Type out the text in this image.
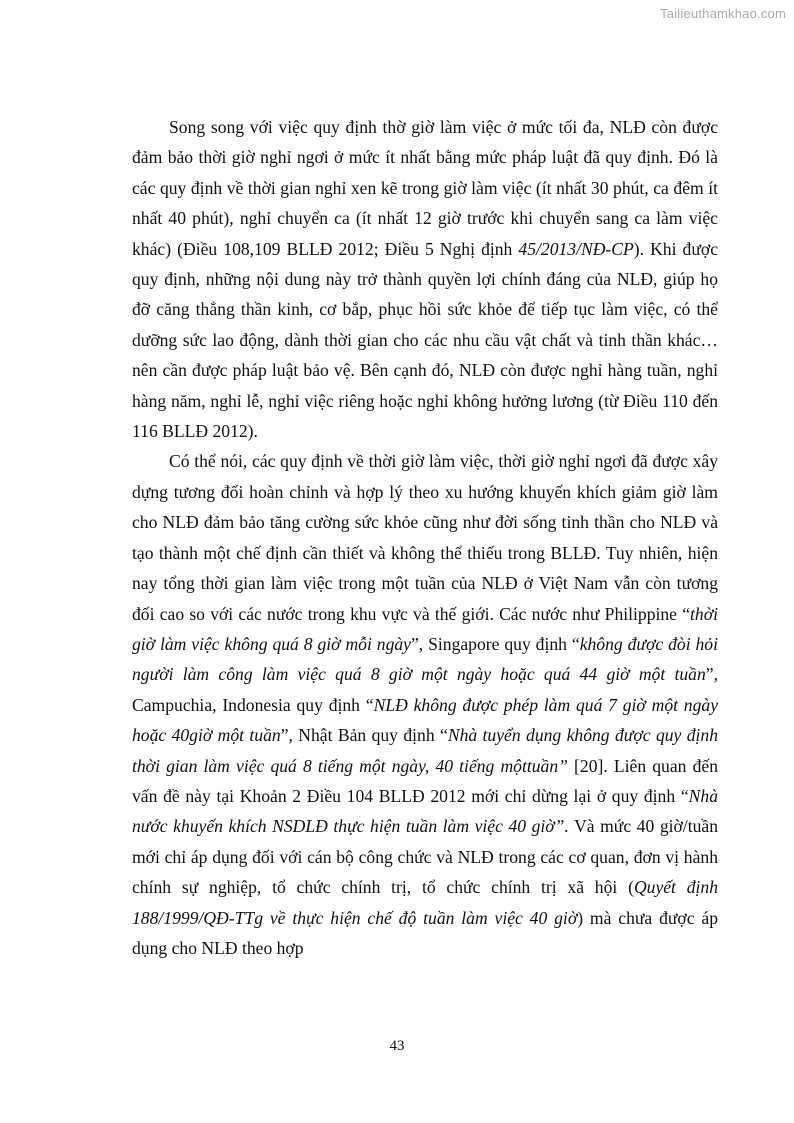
Tailieuthamkhao.com

Song song với việc quy định thờ giờ làm việc ở mức tối đa, NLĐ còn được đảm bảo thời giờ nghỉ ngơi ở mức ít nhất bằng mức pháp luật đã quy định. Đó là các quy định về thời gian nghỉ xen kẽ trong giờ làm việc (ít nhất 30 phút, ca đêm ít nhất 40 phút), nghỉ chuyển ca (ít nhất 12 giờ trước khi chuyển sang ca làm việc khác) (Điều 108,109 BLLĐ 2012; Điều 5 Nghị định 45/2013/NĐ-CP). Khi được quy định, những nội dung này trở thành quyền lợi chính đáng của NLĐ, giúp họ đỡ căng thẳng thần kinh, cơ bắp, phục hồi sức khỏe để tiếp tục làm việc, có thể dưỡng sức lao động, dành thời gian cho các nhu cầu vật chất và tinh thần khác…nên cần được pháp luật bảo vệ. Bên cạnh đó, NLĐ còn được nghỉ hàng tuần, nghỉ hàng năm, nghỉ lễ, nghỉ việc riêng hoặc nghỉ không hưởng lương (từ Điều 110 đến 116 BLLĐ 2012).

Có thể nói, các quy định về thời giờ làm việc, thời giờ nghỉ ngơi đã được xây dựng tương đối hoàn chỉnh và hợp lý theo xu hướng khuyến khích giảm giờ làm cho NLĐ đảm bảo tăng cường sức khỏe cũng như đời sống tinh thần cho NLĐ và tạo thành một chế định cần thiết và không thể thiếu trong BLLĐ. Tuy nhiên, hiện nay tổng thời gian làm việc trong một tuần của NLĐ ở Việt Nam vẫn còn tương đối cao so với các nước trong khu vực và thế giới. Các nước như Philippine “thời giờ làm việc không quá 8 giờ mỗi ngày”, Singapore quy định “không được đòi hỏi người làm công làm việc quá 8 giờ một ngày hoặc quá 44 giờ một tuần”, Campuchia, Indonesia quy định “NLĐ không được phép làm quá 7 giờ một ngày hoặc 40giờ một tuần”, Nhật Bản quy định “Nhà tuyển dụng không được quy định thời gian làm việc quá 8 tiếng một ngày, 40 tiếng mộttuần” [20]. Liên quan đến vấn đề này tại Khoản 2 Điều 104 BLLĐ 2012 mới chỉ dừng lại ở quy định “Nhà nước khuyến khích NSDLĐ thực hiện tuần làm việc 40 giờ”. Và mức 40 giờ/tuần mới chỉ áp dụng đối với cán bộ công chức và NLĐ trong các cơ quan, đơn vị hành chính sự nghiệp, tổ chức chính trị, tổ chức chính trị xã hội (Quyết định 188/1999/QĐ-TTg về thực hiện chế độ tuần làm việc 40 giờ) mà chưa được áp dụng cho NLĐ theo hợp

43
